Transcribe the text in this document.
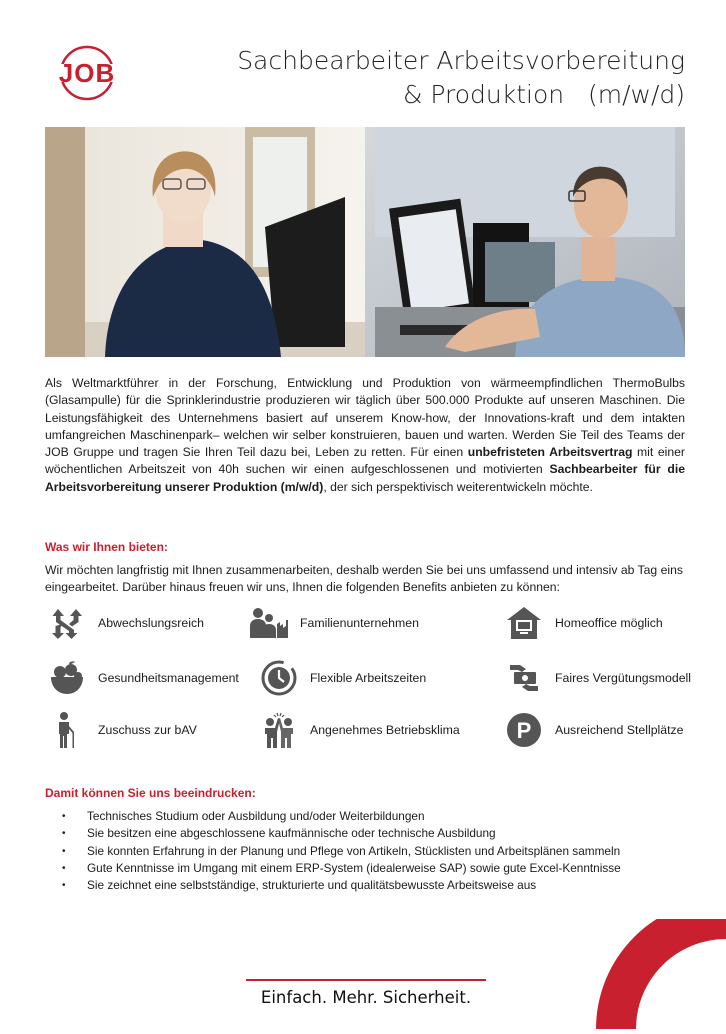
JOB	Sachbearbeiter Arbeitsvorbereitung
& Produktion   (m/w/d)
Als Weltmarktführer in der Forschung, Entwicklung und Produktion von wärmeempfindlichen ThermoBulbs (Glasampulle) für die Sprinklerindustrie produzieren wir täglich über 500.000 Produkte auf unseren Maschinen. Die Leistungsfähigkeit des Unternehmens basiert auf unserem Know-how, der Innovations-kraft und dem intakten umfangreichen Maschinenpark– welchen wir selber konstruieren, bauen und warten. Werden Sie Teil des Teams der JOB Gruppe und tragen Sie Ihren Teil dazu bei, Leben zu retten. Für einen unbefristeten Arbeitsvertrag mit einer wöchentlichen Arbeitszeit von 40h suchen wir einen aufgeschlossenen und motivierten Sachbearbeiter für die Arbeitsvorbereitung unserer Produktion (m/w/d), der sich perspektivisch weiterentwickeln möchte.
Was wir Ihnen bieten:
Wir möchten langfristig mit Ihnen zusammenarbeiten, deshalb werden Sie bei uns umfassend und intensiv ab Tag eins eingearbeitet. Darüber hinaus freuen wir uns, Ihnen die folgenden Benefits anbieten zu können:
Abwechslungsreich	Familienunternehmen	Homeoffice möglich
Gesundheitsmanagement	Flexible Arbeitszeiten	Faires Vergütungsmodell
Zuschuss zur bAV	Angenehmes Betriebsklima	P Ausreichend Stellplätze
Damit können Sie uns beeindrucken:
• Technisches Studium oder Ausbildung und/oder Weiterbildungen
• Sie besitzen eine abgeschlossene kaufmännische oder technische Ausbildung
• Sie konnten Erfahrung in der Planung und Pflege von Artikeln, Stücklisten und Arbeitsplänen sammeln
• Gute Kenntnisse im Umgang mit einem ERP-System (idealerweise SAP) sowie gute Excel-Kenntnisse
• Sie zeichnet eine selbstständige, strukturierte und qualitätsbewusste Arbeitsweise aus
Einfach. Mehr. Sicherheit.
